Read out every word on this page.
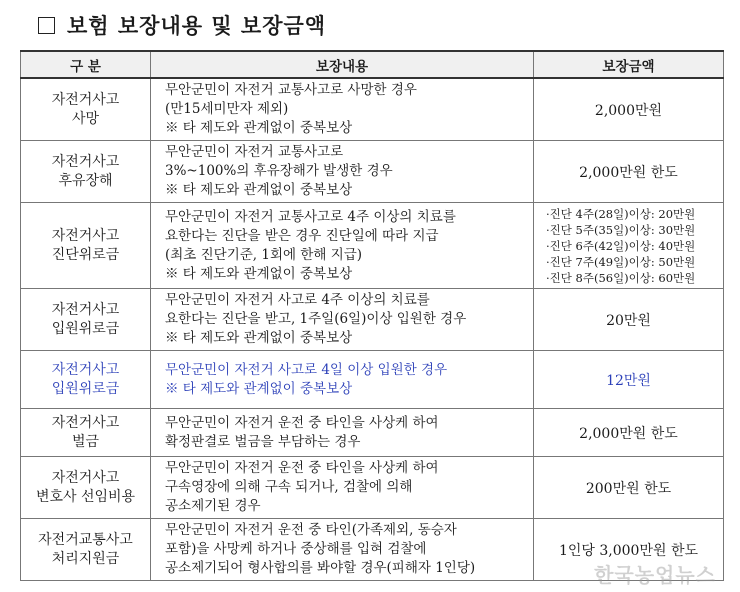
보험 보장내용 및 보장금액
구 분	보장내용	보장금액

자전거사고
사망	무안군민이 자전거 교통사고로 사망한 경우
(만15세미만자 제외)
※ 타 제도와 관계없이 중복보상	2,000만원

자전거사고
후유장해	무안군민이 자전거 교통사고로
3%~100%의 후유장해가 발생한 경우
※ 타 제도와 관계없이 중복보상	2,000만원 한도

자전거사고
진단위로금	무안군민이 자전거 교통사고로 4주 이상의 치료를
요한다는 진단을 받은 경우 진단일에 따라 지급
(최초 진단기준, 1회에 한해 지급)
※ 타 제도와 관계없이 중복보상	·진단 4주(28일)이상: 20만원
·진단 5주(35일)이상: 30만원
·진단 6주(42일)이상: 40만원
·진단 7주(49일)이상: 50만원
·진단 8주(56일)이상: 60만원

자전거사고
입원위로금	무안군민이 자전거 사고로 4주 이상의 치료를
요한다는 진단을 받고, 1주일(6일)이상 입원한 경우
※ 타 제도와 관계없이 중복보상	20만원

자전거사고
입원위로금	무안군민이 자전거 사고로 4일 이상 입원한 경우
※ 타 제도와 관계없이 중복보상	12만원

자전거사고
벌금	무안군민이 자전거 운전 중 타인을 사상케 하여
확정판결로 벌금을 부담하는 경우	2,000만원 한도

자전거사고
변호사 선임비용	무안군민이 자전거 운전 중 타인을 사상케 하여
구속영장에 의해 구속 되거나, 검찰에 의해
공소제기된 경우	200만원 한도

자전거교통사고
처리지원금	무안군민이 자전거 운전 중 타인(가족제외, 동승자
포함)을 사망케 하거나 중상해를 입혀 검찰에
공소제기되어 형사합의를 봐야할 경우(피해자 1인당)	1인당 3,000만원 한도
한국농업뉴스
